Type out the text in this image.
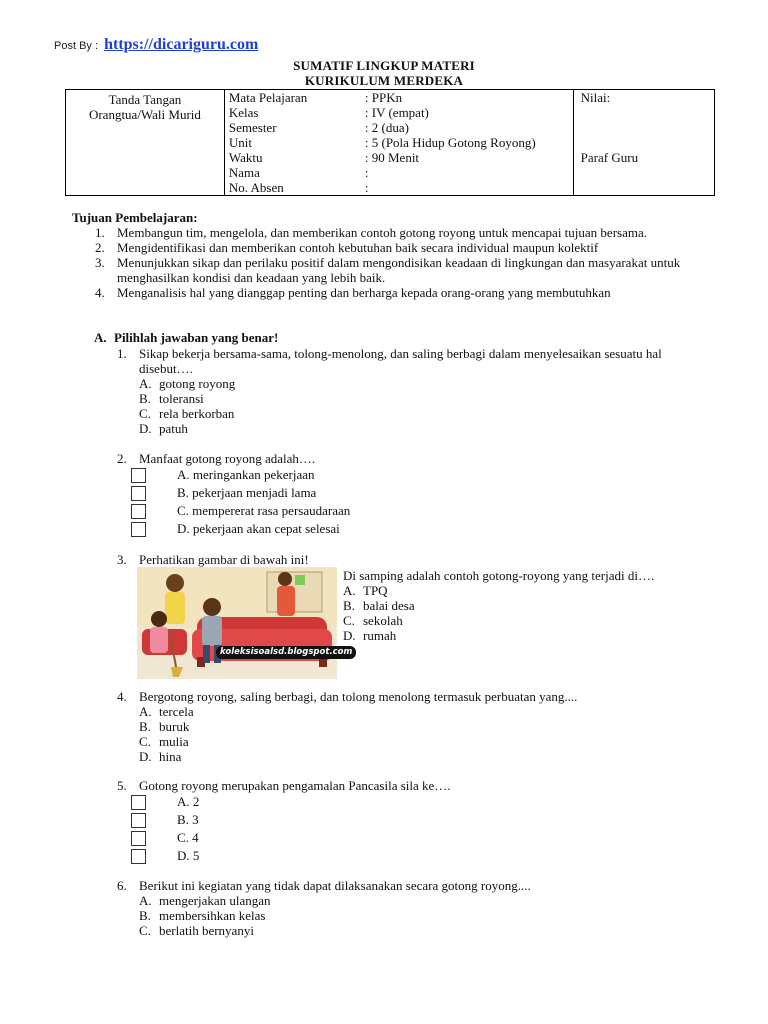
Post By : https://dicariguru.com
SUMATIF LINGKUP MATERI
KURIKULUM MERDEKA
Tanda Tangan
Orangtua/Wali Murid

Mata Pelajaran	: PPKn
Kelas	: IV (empat)
Semester	: 2 (dua)
Unit	: 5 (Pola Hidup Gotong Royong)
Waktu	: 90 Menit
Nama	:
No. Absen	:

Nilai:
Paraf Guru
Tujuan Pembelajaran:
1. Membangun tim, mengelola, dan memberikan contoh gotong royong untuk mencapai tujuan bersama.
2. Mengidentifikasi dan memberikan contoh kebutuhan baik secara individual maupun kolektif
3. Menunjukkan sikap dan perilaku positif dalam mengondisikan keadaan di lingkungan dan masyarakat untuk menghasilkan kondisi dan keadaan yang lebih baik.
4. Menganalisis hal yang dianggap penting dan berharga kepada orang-orang yang membutuhkan
A. Pilihlah jawaban yang benar!
1. Sikap bekerja bersama-sama, tolong-menolong, dan saling berbagi dalam menyelesaikan sesuatu hal disebut….
A. gotong royong
B. toleransi
C. rela berkorban
D. patuh
2. Manfaat gotong royong adalah….
A. meringankan pekerjaan
B. pekerjaan menjadi lama
C. mempererat rasa persaudaraan
D. pekerjaan akan cepat selesai
3. Perhatikan gambar di bawah ini!
koleksisoalsd.blogspot.com
Di samping adalah contoh gotong-royong yang terjadi di….
A. TPQ
B. balai desa
C. sekolah
D. rumah
4. Bergotong royong, saling berbagi, dan tolong menolong termasuk perbuatan yang....
A. tercela
B. buruk
C. mulia
D. hina
5. Gotong royong merupakan pengamalan Pancasila sila ke….
A. 2
B. 3
C. 4
D. 5
6. Berikut ini kegiatan yang tidak dapat dilaksanakan secara gotong royong....
A. mengerjakan ulangan
B. membersihkan kelas
C. berlatih bernyanyi
